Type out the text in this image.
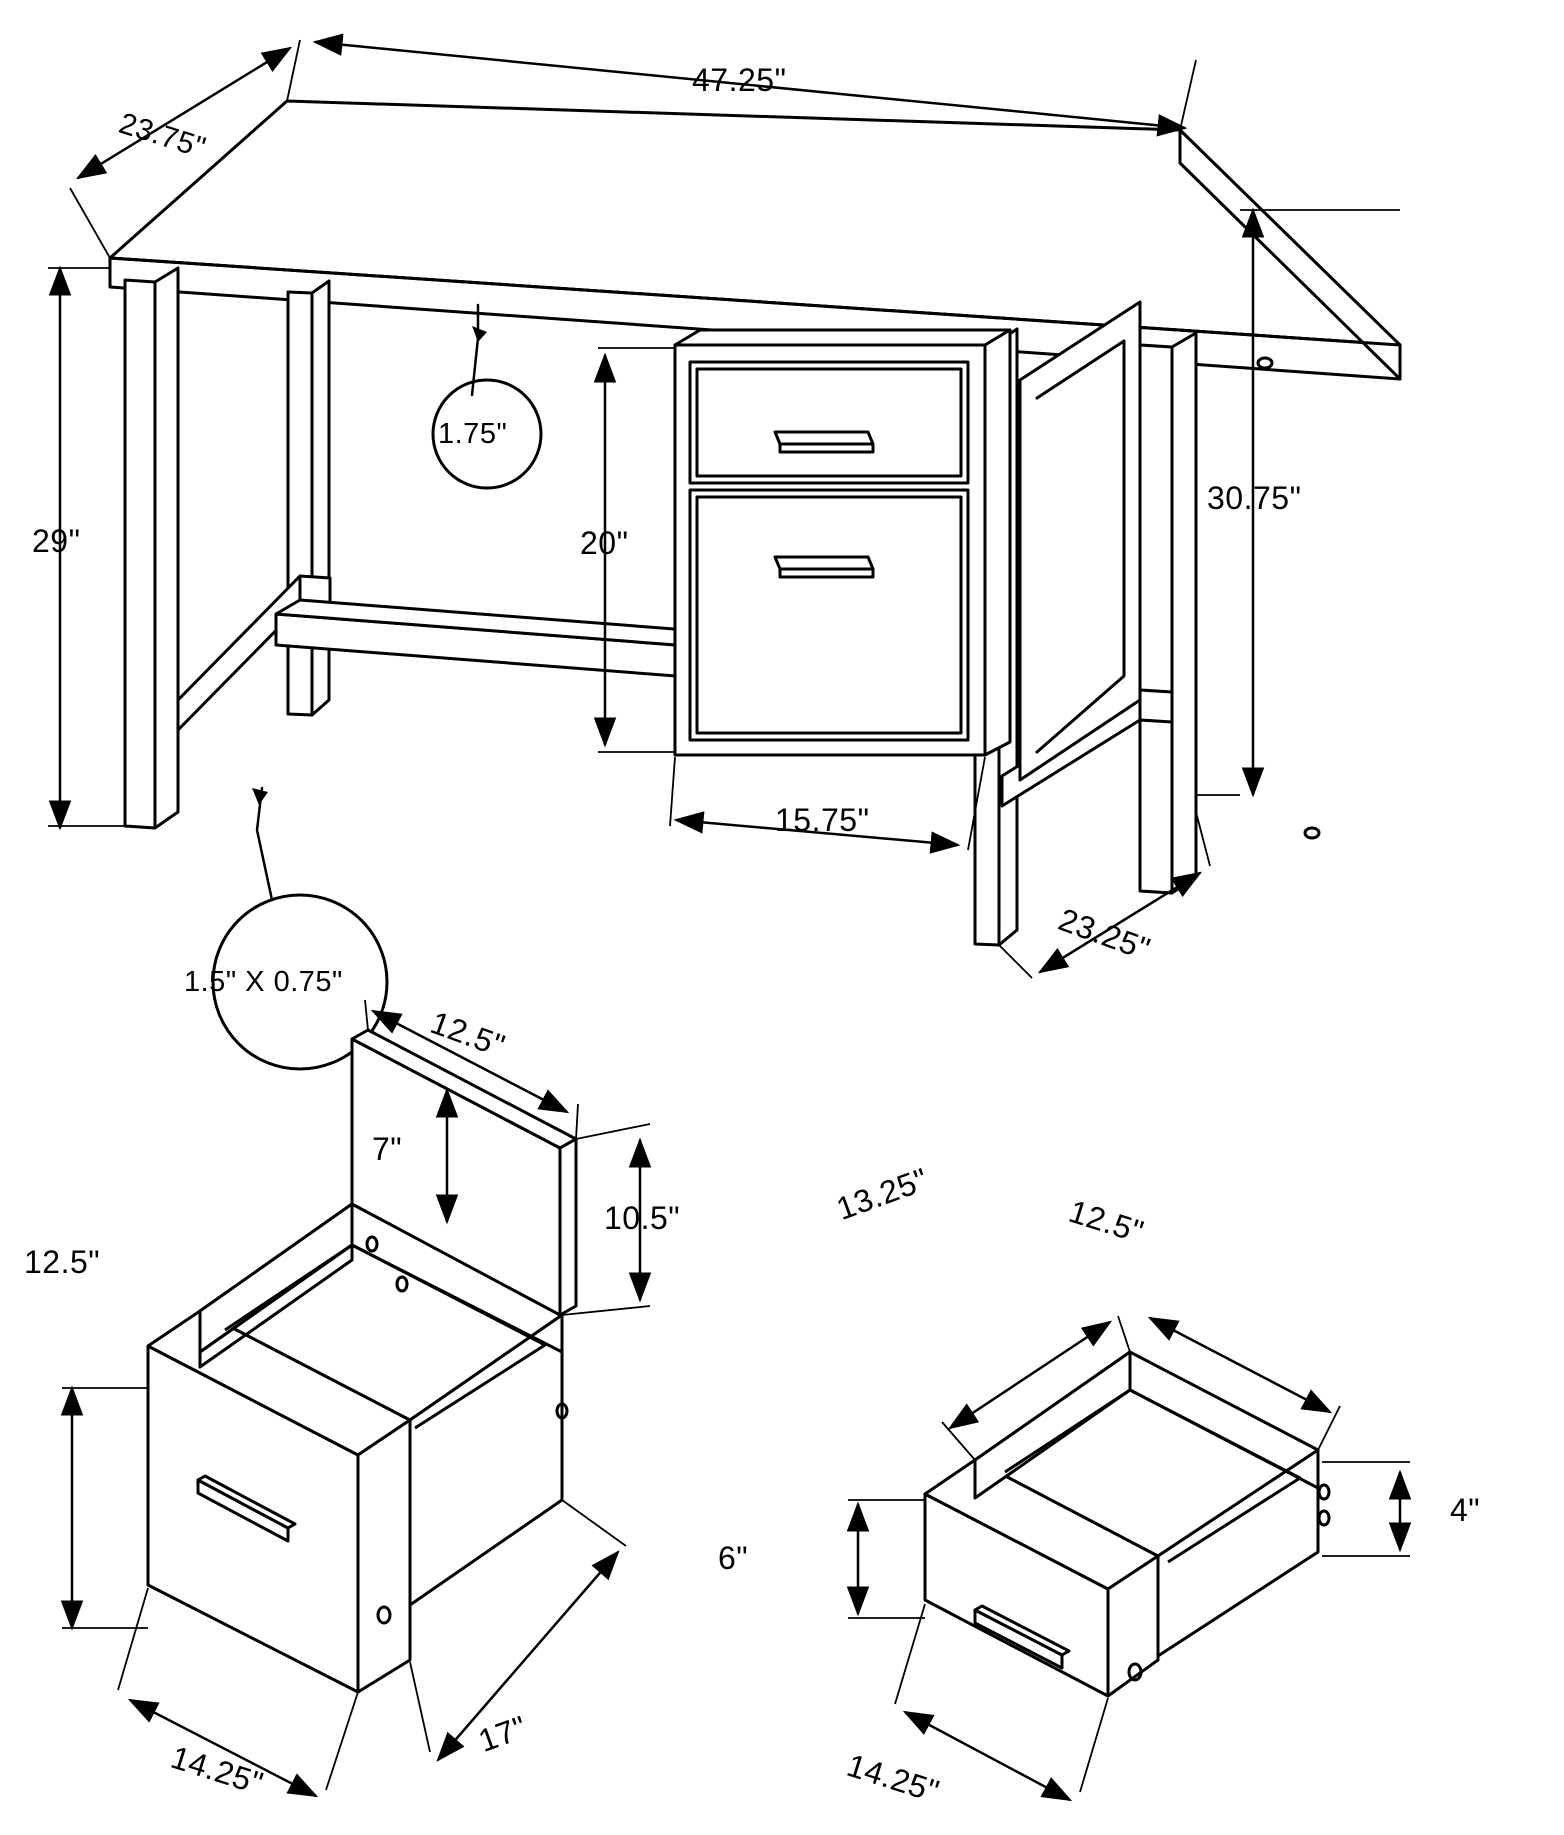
23.75"
47.25"
30.75"
29"	20"
15.75"
23.25"
1.75"
1.5" X 0.75"
12.5"
7"
10.5"
12.5"
14.25"
17"
13.25"	12.5"
4"
6"
14.25"
